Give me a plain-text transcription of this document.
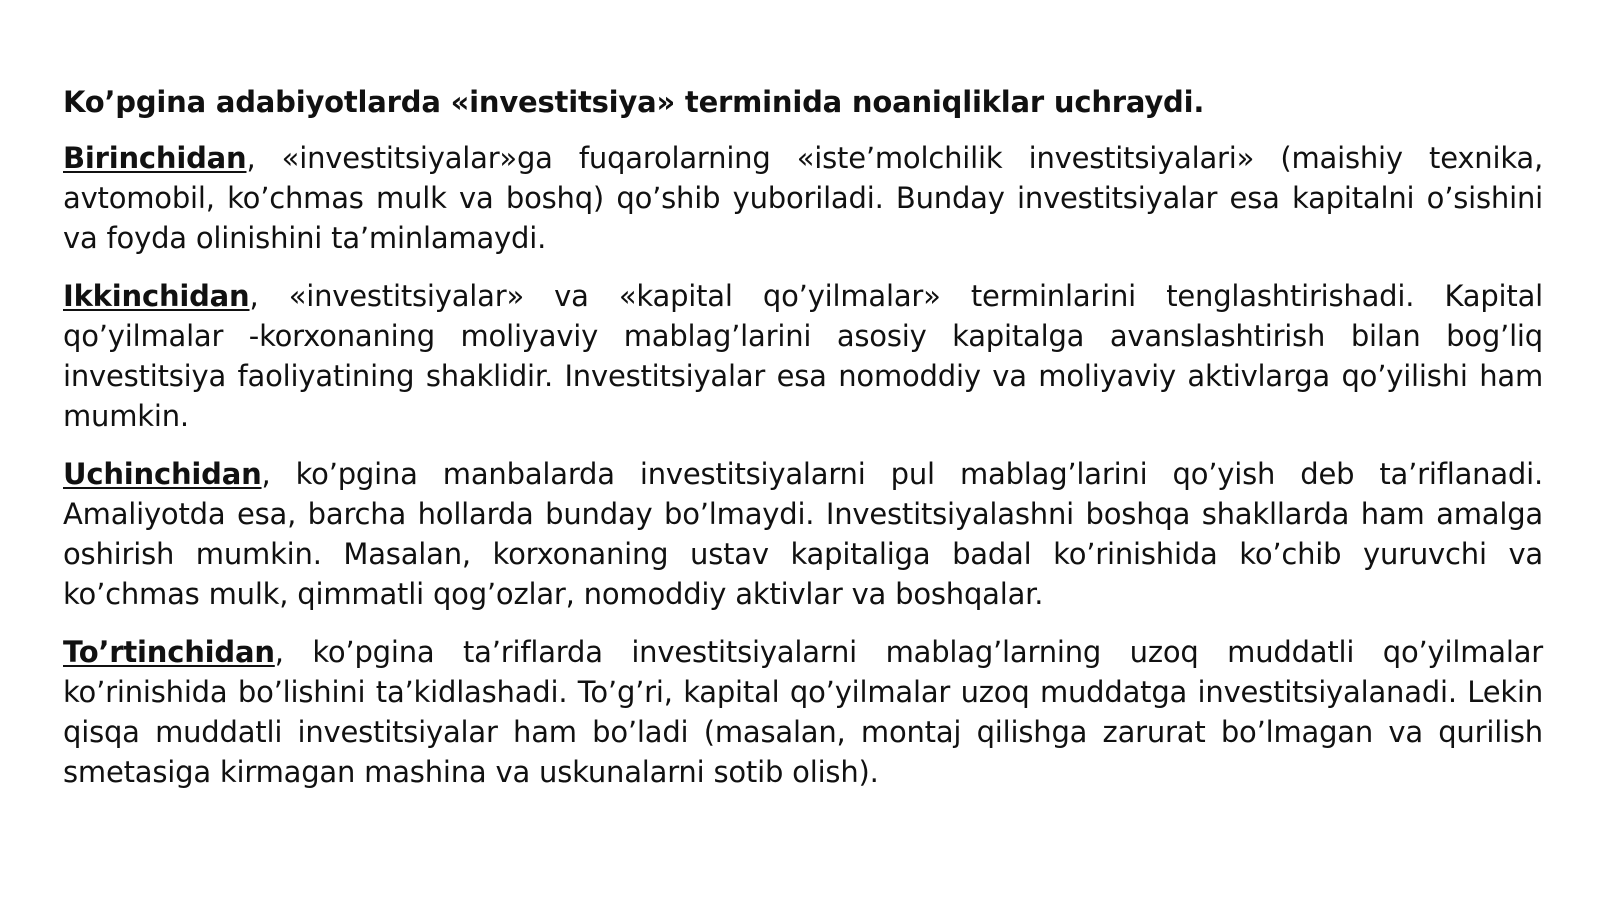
Ko’pgina adabiyotlarda «investitsiya» terminida noaniqliklar uchraydi.
Birinchidan, «investitsiyalar»ga fuqarolarning «iste’molchilik investitsiyalari» (maishiy texnika, avtomobil, ko’chmas mulk va boshq) qo’shib yuboriladi. Bunday investitsiyalar esa kapitalni o’sishini va foyda olinishini ta’minlamaydi.
Ikkinchidan, «investitsiyalar» va «kapital qo’yilmalar» terminlarini tenglashtirishadi. Kapital qo’yilmalar -korxonaning moliyaviy mablag’larini asosiy kapitalga avanslashtirish bilan bog’liq investitsiya faoliyatining shaklidir. Investitsiyalar esa nomoddiy va moliyaviy aktivlarga qo’yilishi ham mumkin.
Uchinchidan, ko’pgina manbalarda investitsiyalarni pul mablag’larini qo’yish deb ta’riflanadi. Amaliyotda esa, barcha hollarda bunday bo’lmaydi. Investitsiyalashni boshqa shakllarda ham amalga oshirish mumkin. Masalan, korxonaning ustav kapitaliga badal ko’rinishida ko’chib yuruvchi va ko’chmas mulk, qimmatli qog’ozlar, nomoddiy aktivlar va boshqalar.
To’rtinchidan, ko’pgina ta’riflarda investitsiyalarni mablag’larning uzoq muddatli qo’yilmalar ko’rinishida bo’lishini ta’kidlashadi. To’g’ri, kapital qo’yilmalar uzoq muddatga investitsiyalanadi. Lekin qisqa muddatli investitsiyalar ham bo’ladi (masalan, montaj qilishga zarurat bo’lmagan va qurilish smetasiga kirmagan mashina va uskunalarni sotib olish).
